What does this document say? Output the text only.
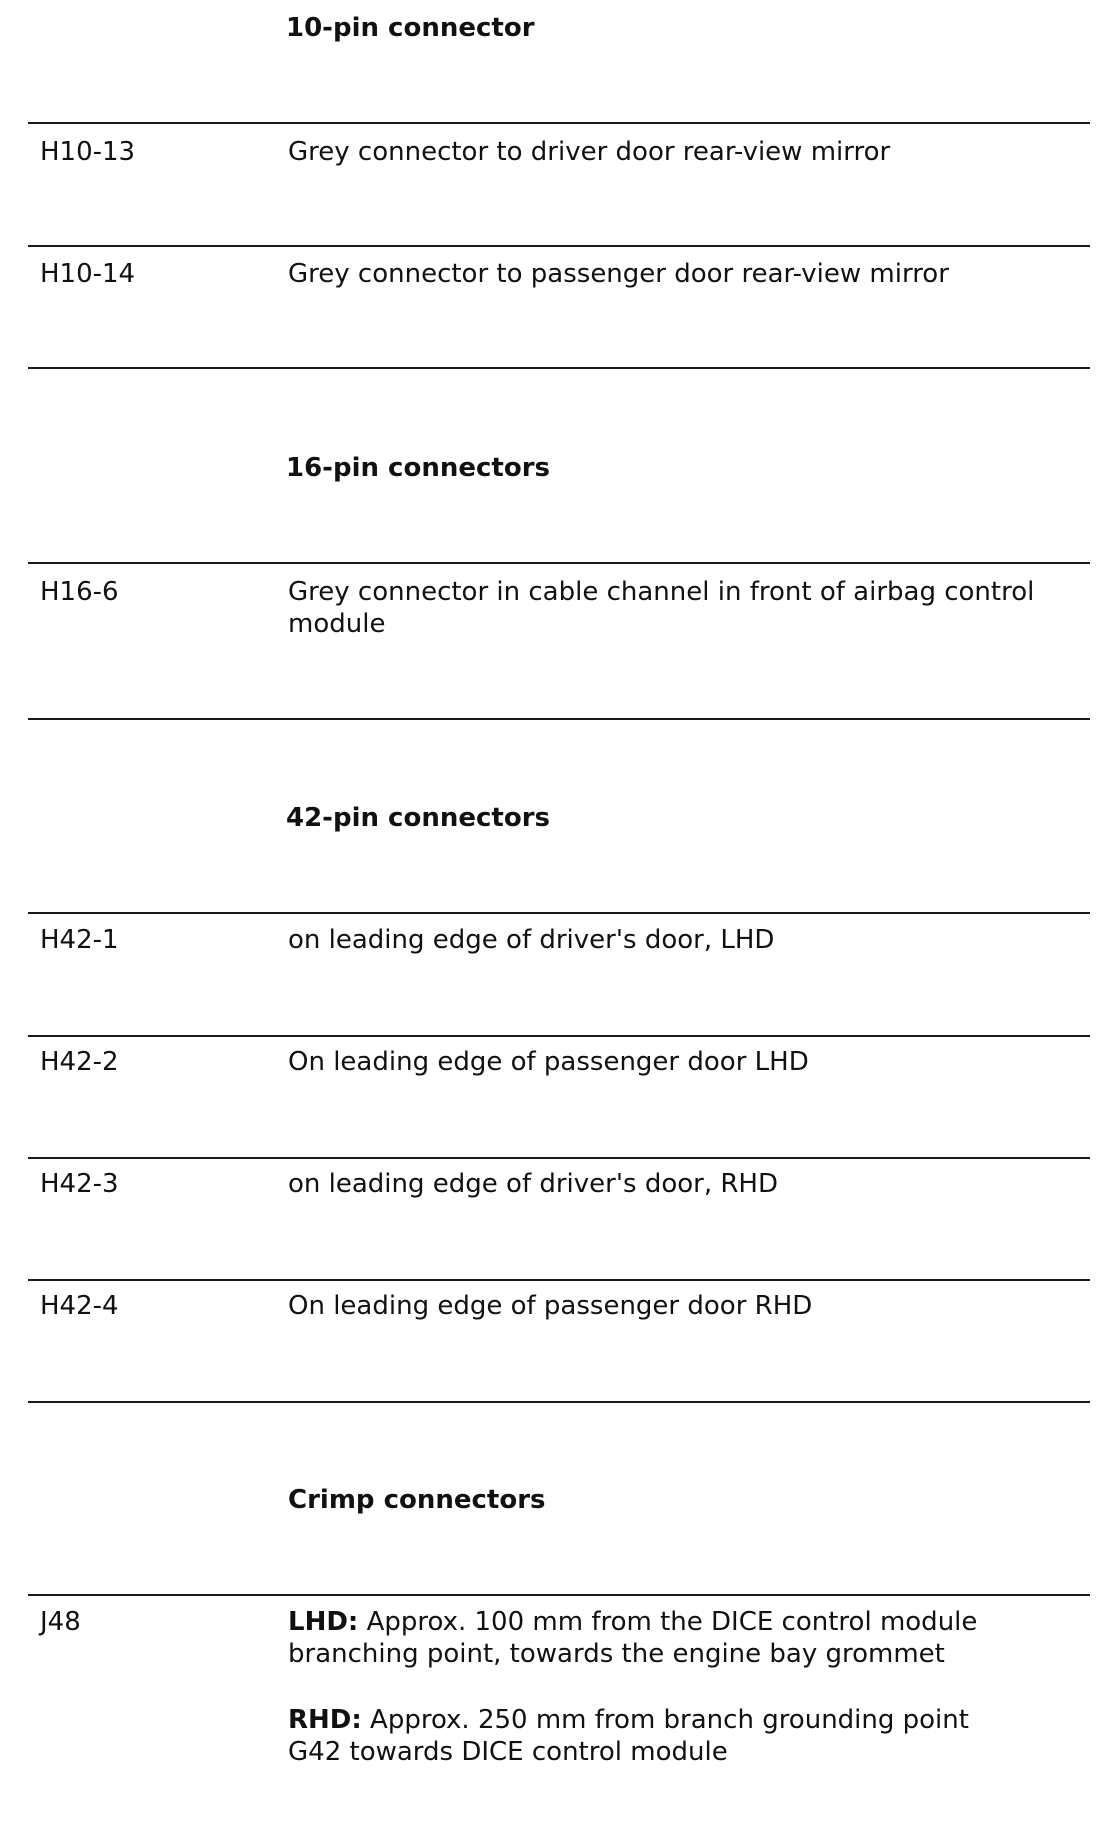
10-pin connector
H10-13	Grey connector to driver door rear-view mirror
H10-14	Grey connector to passenger door rear-view mirror
16-pin connectors
H16-6	Grey connector in cable channel in front of airbag control
module
42-pin connectors
H42-1	on leading edge of driver's door, LHD
H42-2	On leading edge of passenger door LHD
H42-3	on leading edge of driver's door, RHD
H42-4	On leading edge of passenger door RHD
Crimp connectors
J48	LHD: Approx. 100 mm from the DICE control module
branching point, towards the engine bay grommet
RHD: Approx. 250 mm from branch grounding point
G42 towards DICE control module
